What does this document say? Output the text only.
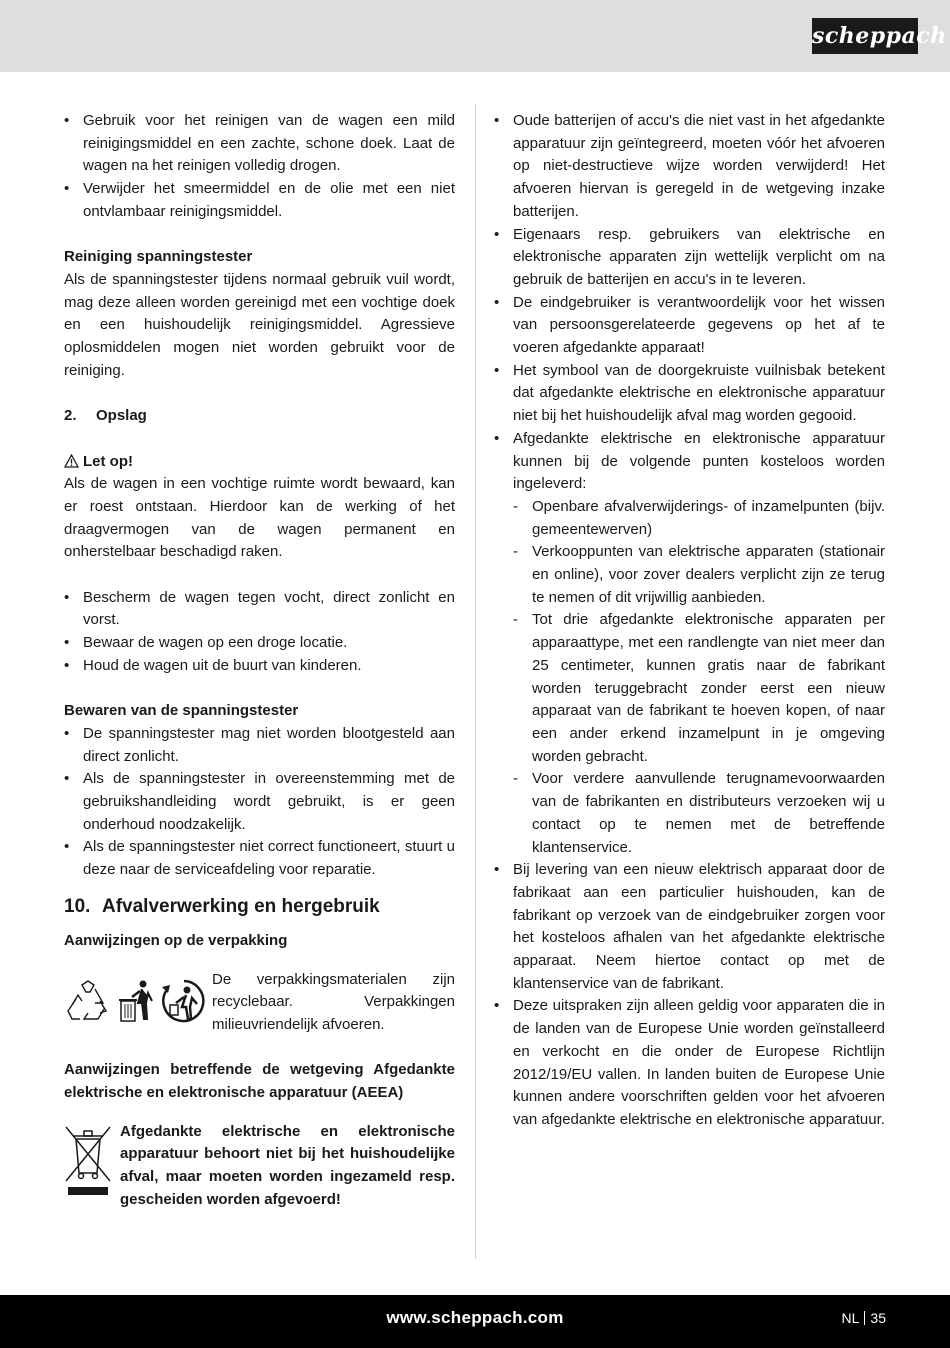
scheppach
• Gebruik voor het reinigen van de wagen een mild reinigingsmiddel en een zachte, schone doek. Laat de wagen na het reinigen volledig drogen.
• Verwijder het smeermiddel en de olie met een niet ontvlambaar reinigingsmiddel.
Reiniging spanningstester

Als de spanningstester tijdens normaal gebruik vuil wordt, mag deze alleen worden gereinigd met een vochtige doek en een huishoudelijk reinigingsmiddel. Agressieve oplosmiddelen mogen niet worden gebruikt voor de reiniging.

2. Opslag
Let op!

Als de wagen in een vochtige ruimte wordt bewaard, kan er roest ontstaan. Hierdoor kan de werking of het draagvermogen van de wagen permanent en onherstelbaar beschadigd raken.

• Bescherm de wagen tegen vocht, direct zonlicht en vorst.
• Bewaar de wagen op een droge locatie.
• Houd de wagen uit de buurt van kinderen.
Bewaren van de spanningstester
• De spanningstester mag niet worden blootgesteld aan direct zonlicht.
• Als de spanningstester in overeenstemming met de gebruikshandleiding wordt gebruikt, is er geen onderhoud noodzakelijk.
• Als de spanningstester niet correct functioneert, stuurt u deze naar de serviceafdeling voor reparatie.
10. Afvalverwerking en hergebruik
Aanwijzingen op de verpakking
De verpakkingsmaterialen zijn recyclebaar. Verpakkingen milieuvriendelijk afvoeren.
Aanwijzingen betreffende de wetgeving Afgedankte elektrische en elektronische apparatuur (AEEA)
Afgedankte elektrische en elektronische apparatuur behoort niet bij het huishoudelijke afval, maar moeten worden ingezameld resp. gescheiden worden afgevoerd!
• Oude batterijen of accu's die niet vast in het afgedankte apparatuur zijn geïntegreerd, moeten vóór het afvoeren op niet-destructieve wijze worden verwijderd! Het afvoeren hiervan is geregeld in de wetgeving inzake batterijen.
• Eigenaars resp. gebruikers van elektrische en elektronische apparaten zijn wettelijk verplicht om na gebruik de batterijen en accu's in te leveren.
• De eindgebruiker is verantwoordelijk voor het wissen van persoonsgerelateerde gegevens op het af te voeren afgedankte apparaat!
• Het symbool van de doorgekruiste vuilnisbak betekent dat afgedankte elektrische en elektronische apparatuur niet bij het huishoudelijk afval mag worden gegooid.
• Afgedankte elektrische en elektronische apparatuur kunnen bij de volgende punten kosteloos worden ingeleverd:
- Openbare afvalverwijderings- of inzamelpunten (bijv. gemeentewerven)
- Verkooppunten van elektrische apparaten (stationair en online), voor zover dealers verplicht zijn ze terug te nemen of dit vrijwillig aanbieden.
- Tot drie afgedankte elektronische apparaten per apparaattype, met een randlengte van niet meer dan 25 centimeter, kunnen gratis naar de fabrikant worden teruggebracht zonder eerst een nieuw apparaat van de fabrikant te hoeven kopen, of naar een ander erkend inzamelpunt in je omgeving worden gebracht.
- Voor verdere aanvullende terugnamevoorwaarden van de fabrikanten en distributeurs verzoeken wij u contact op te nemen met de betreffende klantenservice.
• Bij levering van een nieuw elektrisch apparaat door de fabrikaat aan een particulier huishouden, kan de fabrikant op verzoek van de eindgebruiker zorgen voor het kosteloos afhalen van het afgedankte elektrische apparaat. Neem hiertoe contact op met de klantenservice van de fabrikant.
• Deze uitspraken zijn alleen geldig voor apparaten die in de landen van de Europese Unie worden geïnstalleerd en verkocht en die onder de Europese Richtlijn 2012/19/EU vallen. In landen buiten de Europese Unie kunnen andere voorschriften gelden voor het afvoeren van afgedankte elektrische en elektronische apparatuur.
www.scheppach.com	NL 35
